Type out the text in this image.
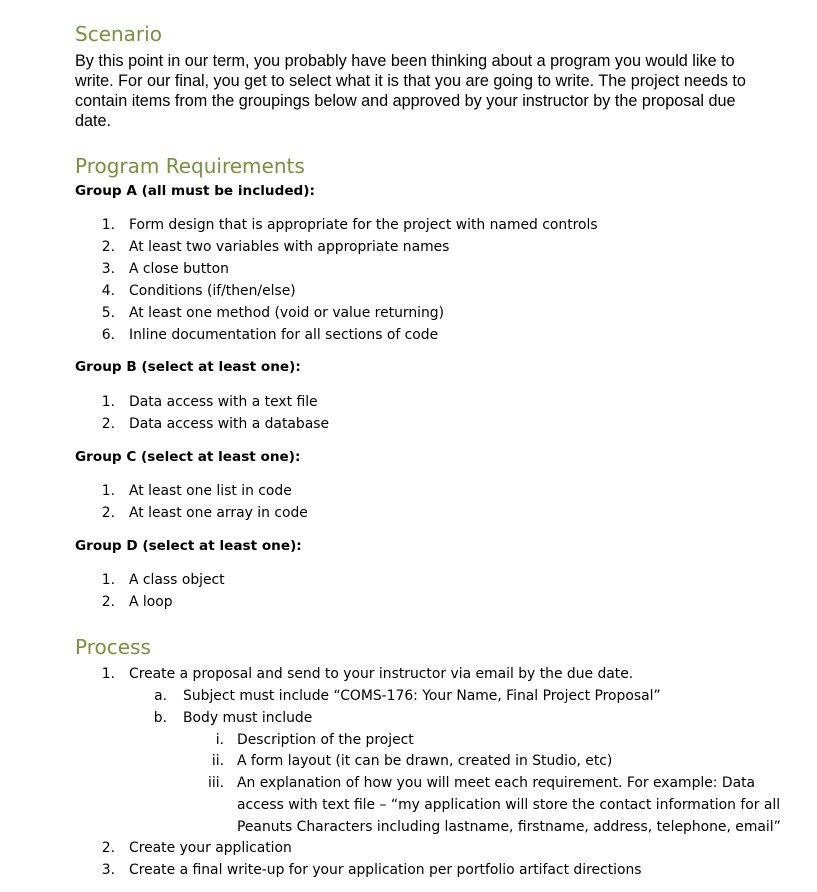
Scenario

By this point in our term, you probably have been thinking about a program you would like to

write. For our final, you get to select what it is that you are going to write. The project needs to

contain items from the groupings below and approved by your instructor by the proposal due

date.

Program Requirements

Group A (all must be included):

1. Form design that is appropriate for the project with named controls
2. At least two variables with appropriate names
3. A close button
4. Conditions (if/then/else)
5. At least one method (void or value returning)
6. Inline documentation for all sections of code

Group B (select at least one):

1. Data access with a text file
2. Data access with a database

Group C (select at least one):

1. At least one list in code
2. At least one array in code

Group D (select at least one):

1. A class object
2. A loop
Process
1. Create a proposal and send to your instructor via email by the due date.
a. Subject must include “COMS-176: Your Name, Final Project Proposal”
b. Body must include
i. Description of the project
ii. A form layout (it can be drawn, created in Studio, etc)
iii. An explanation of how you will meet each requirement. For example: Data
access with text file – “my application will store the contact information for all
Peanuts Characters including lastname, firstname, address, telephone, email”
2. Create your application
3. Create a final write-up for your application per portfolio artifact directions
